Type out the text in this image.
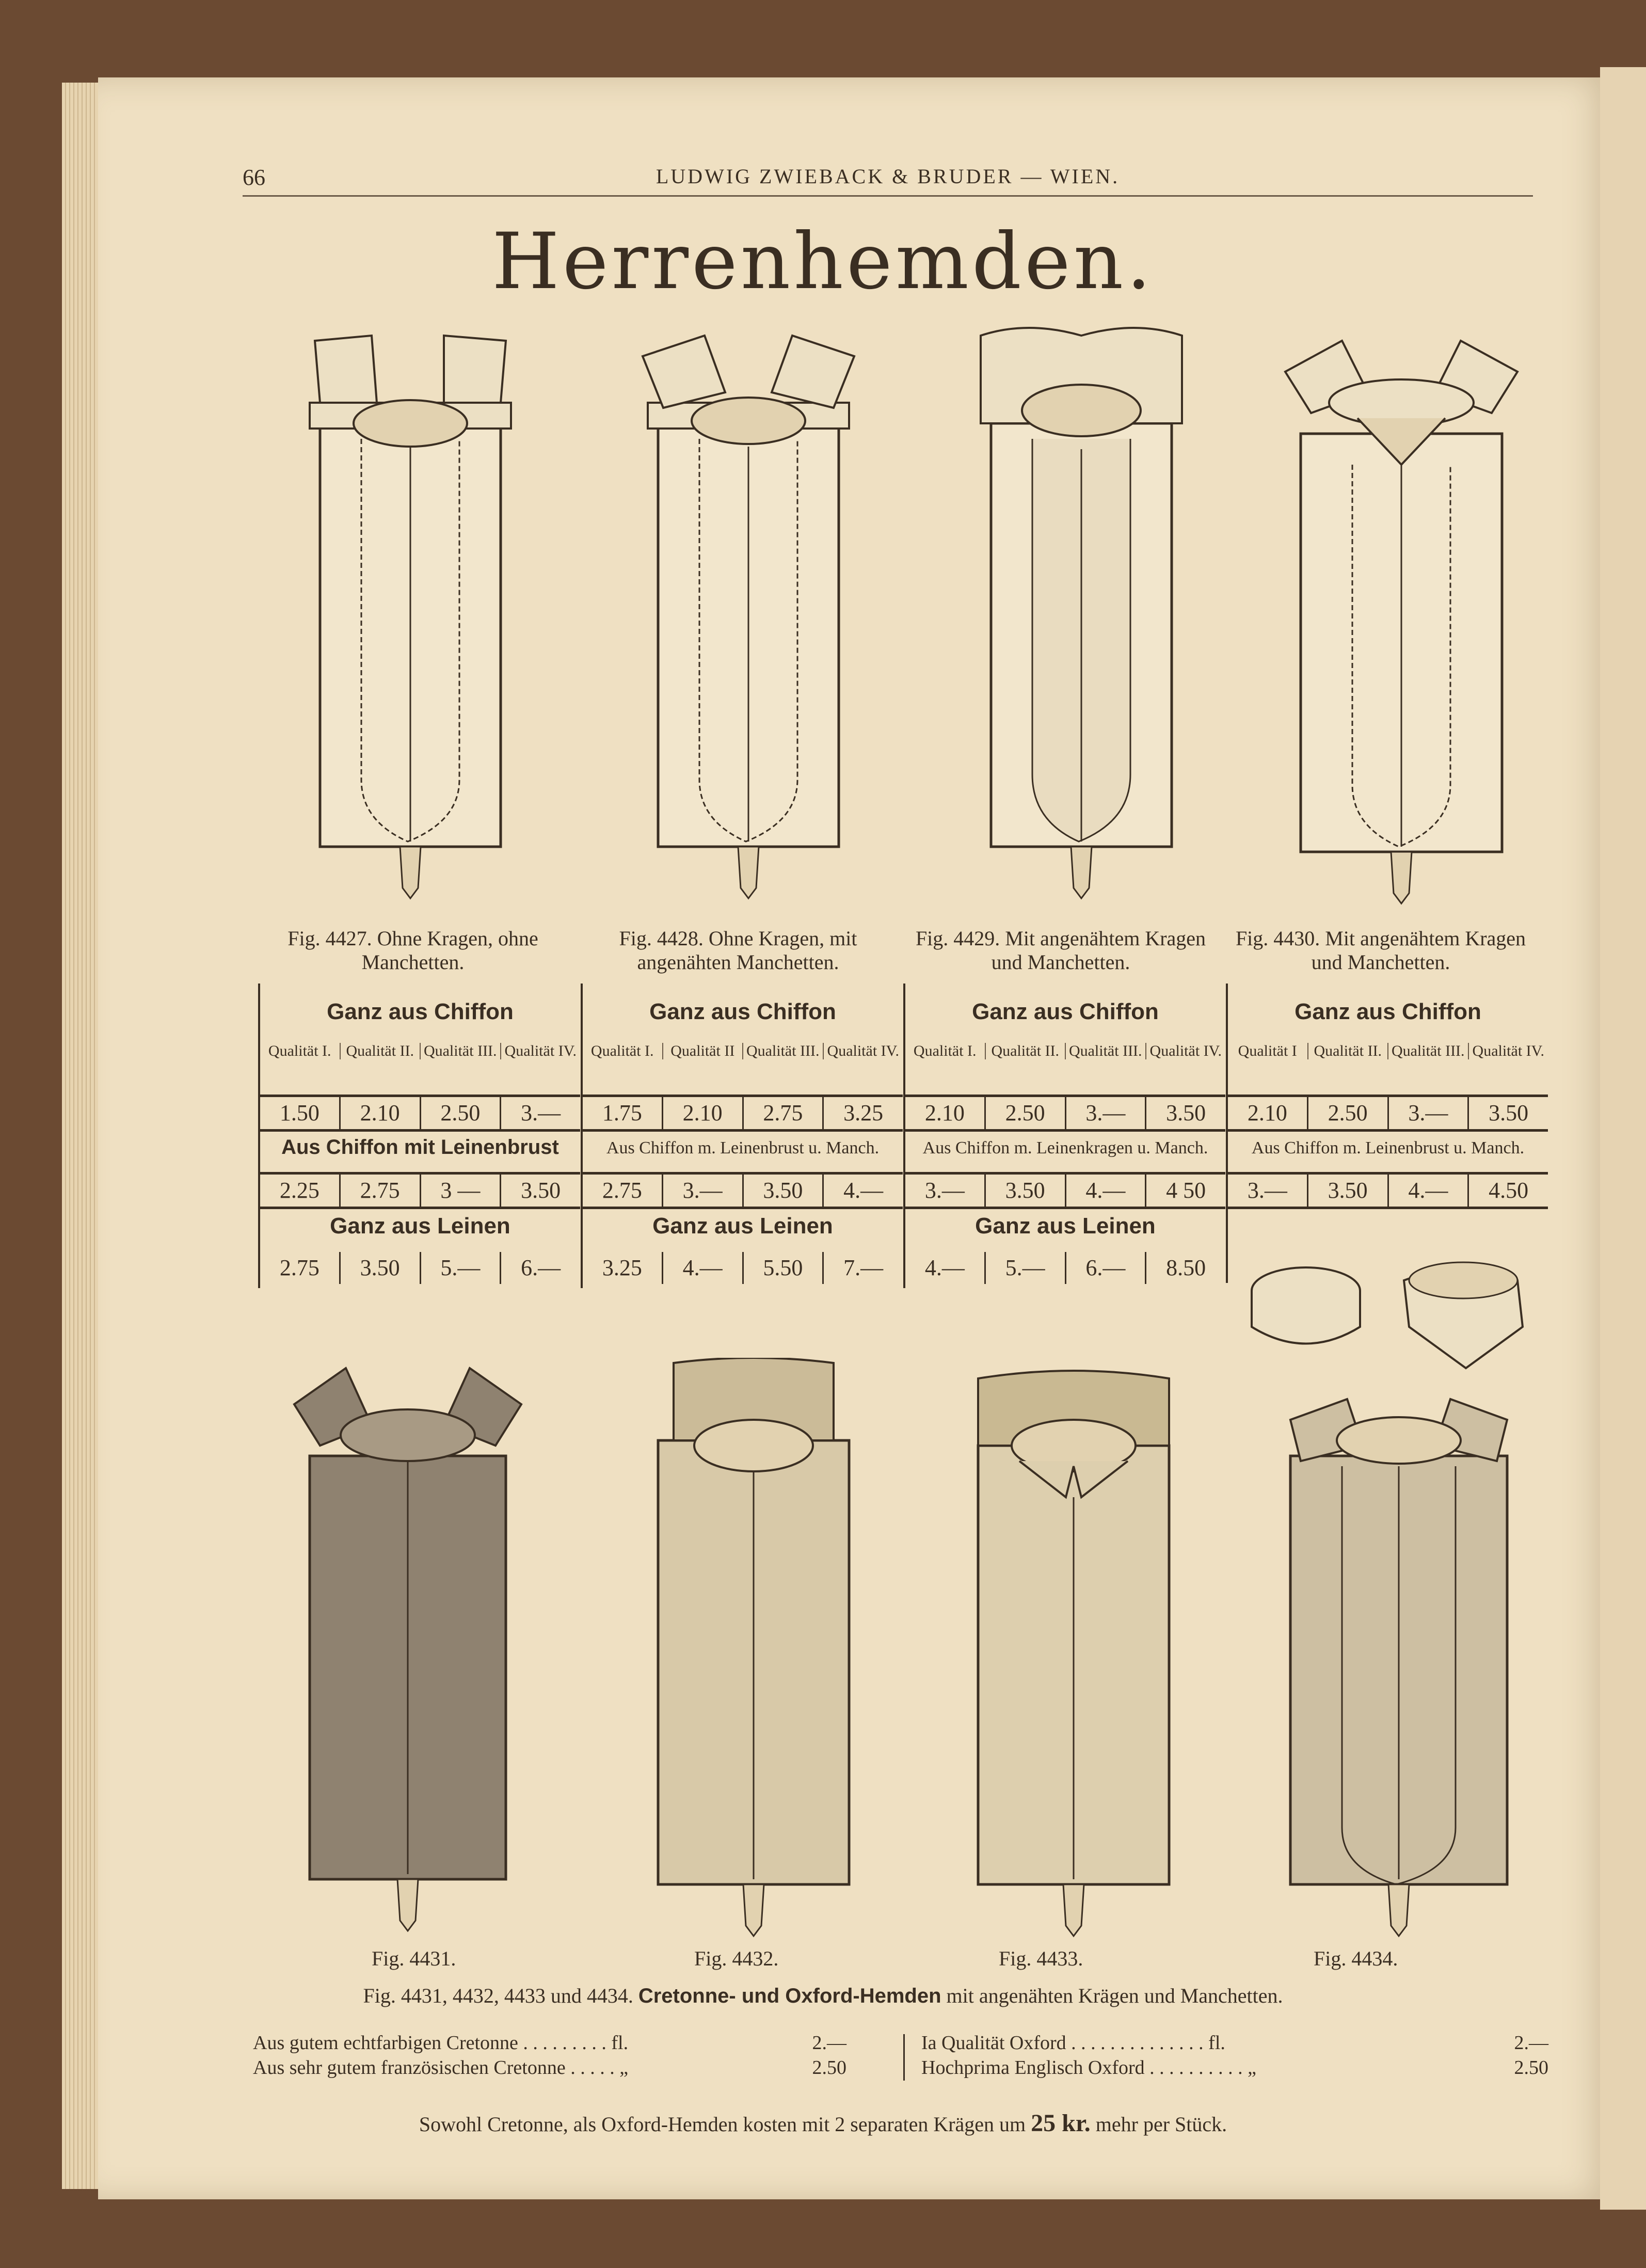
66	LUDWIG ZWIEBACK & BRUDER — WIEN.
Herrenhemden.
Fig. 4427. Ohne Kragen, ohne Manchetten.
Fig. 4428. Ohne Kragen, mit angenähten Manchetten.
Fig. 4429. Mit angenähtem Kragen und Manchetten.
Fig. 4430. Mit angenähtem Kragen und Manchetten.
Ganz aus Chiffon
Qualität I. Qualität II. Qualität III. Qualität IV.
1.50	2.10	2.50	3.—
Aus Chiffon mit Leinenbrust
2.25	2.75	3 —	3.50
Ganz aus Leinen
2.75	3.50	5.—	6.—
Ganz aus Chiffon
Qualität I.	Qualität II Qualität III. Qualität IV.
1.75	2.10	2.75	3.25
Aus Chiffon m. Leinenbrust u. Manch.
2.75	3.—	3.50	4.—
Ganz aus Leinen
3.25	4.—	5.50	7.—
Ganz aus Chiffon
Qualität I. Qualität II. Qualität III. Qualität IV.
2.10	2.50	3.—	3.50
Aus Chiffon m. Leinenkragen u. Manch.
3.—	3.50	4.—	4 50
Ganz aus Leinen
4.—	5.—	6.—	8.50
Ganz aus Chiffon
Qualität I	Qualität II. Qualität III. Qualität IV.
2.10	2.50	3.—	3.50
Aus Chiffon m. Leinenbrust u. Manch.
3.—	3.50	4.—	4.50
Fig. 4431.	Fig. 4432.	Fig. 4433.	Fig. 4434.
Fig. 4431, 4432, 4433 und 4434. Cretonne- und Oxford-Hemden mit angenähten Krägen und Manchetten.
Aus gutem echtfarbigen Cretonne . . . . . . . . . fl.	2.—
Aus sehr gutem französischen Cretonne . . . . . „	2.50
Ia Qualität Oxford . . . . . . . . . . . . . . fl.	2.—
Hochprima Englisch Oxford . . . . . . . . . . „	2.50
Sowohl Cretonne, als Oxford-Hemden kosten mit 2 separaten Krägen um 25 kr. mehr per Stück.
